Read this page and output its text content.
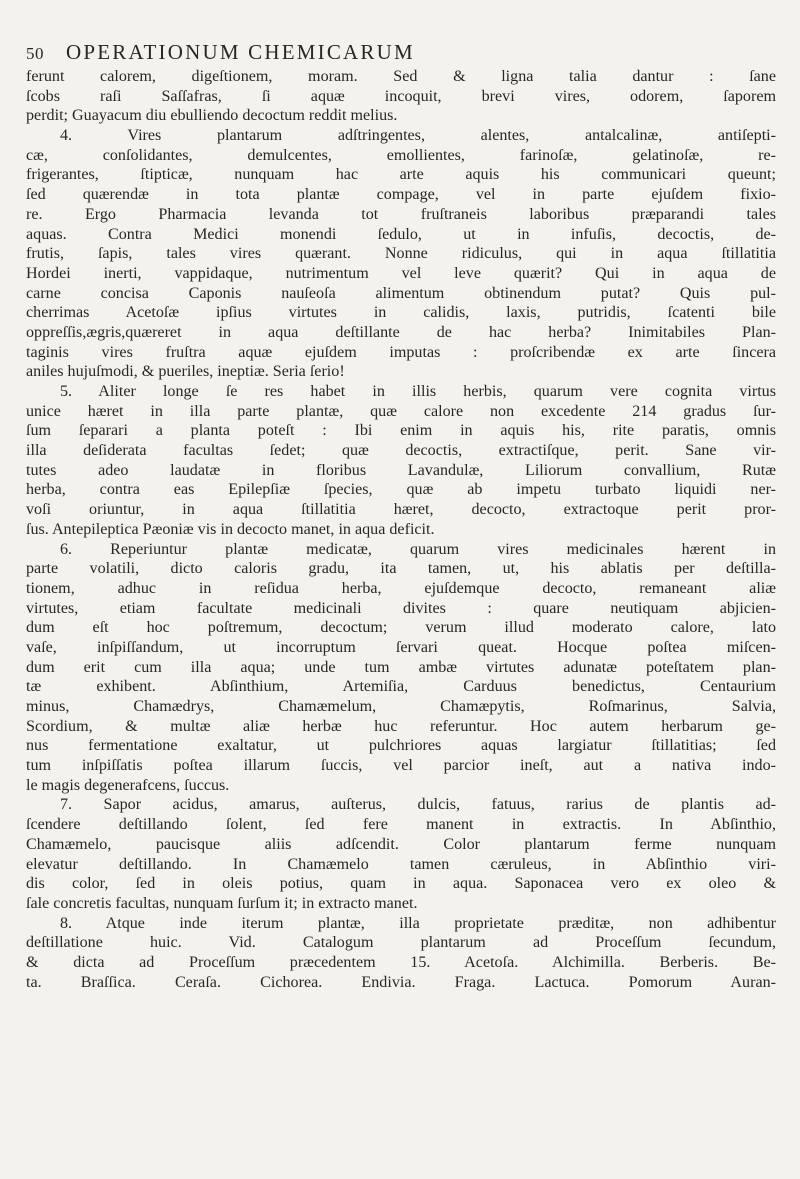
50 OPERATIONUM CHEMICARUM
ferunt calorem, digeſtionem, moram. Sed & ligna talia dantur : ſane
ſcobs raſi Saſſafras, ſi aquæ incoquit, brevi vires, odorem, ſaporem
perdit; Guayacum diu ebulliendo decoctum reddit melius.
4. Vires plantarum adſtringentes, alentes, antalcalinæ, antiſepti-
cæ, conſolidantes, demulcentes, emollientes, farinoſæ, gelatinoſæ, re-
frigerantes, ſtipticæ, nunquam hac arte aquis his communicari queunt;
ſed quærendæ in tota plantæ compage, vel in parte ejuſdem fixio-
re. Ergo Pharmacia levanda tot fruſtraneis laboribus præparandi tales
aquas. Contra Medici monendi ſedulo, ut in infuſis, decoctis, de-
frutis, ſapis, tales vires quærant. Nonne ridiculus, qui in aqua ſtillatitia
Hordei inerti, vappidaque, nutrimentum vel leve quærit? Qui in aqua de
carne concisa Caponis nauſeoſa alimentum obtinendum putat? Quis pul-
cherrimas Acetoſæ ipſius virtutes in calidis, laxis, putridis, ſcatenti bile
oppreſſis,ægris,quæreret in aqua deſtillante de hac herba? Inimitabiles Plan-
taginis vires fruſtra aquæ ejuſdem imputas : proſcribendæ ex arte ſincera
aniles hujuſmodi, & pueriles, ineptiæ. Seria ſerio!
5. Aliter longe ſe res habet in illis herbis, quarum vere cognita virtus
unice hæret in illa parte plantæ, quæ calore non excedente 214 gradus ſur-
ſum ſeparari a planta poteſt : Ibi enim in aquis his, rite paratis, omnis
illa deſiderata facultas ſedet; quæ decoctis, extractiſque, perit. Sane vir-
tutes adeo laudatæ in floribus Lavandulæ, Liliorum convallium, Rutæ
herba, contra eas Epilepſiæ ſpecies, quæ ab impetu turbato liquidi ner-
voſi oriuntur, in aqua ſtillatitia hæret, decocto, extractoque perit pror-
ſus. Antepileptica Pæoniæ vis in decocto manet, in aqua deficit.
6. Reperiuntur plantæ medicatæ, quarum vires medicinales hærent in
parte volatili, dicto caloris gradu, ita tamen, ut, his ablatis per deſtilla-
tionem, adhuc in reſidua herba, ejuſdemque decocto, remaneant aliæ
virtutes, etiam facultate medicinali divites : quare neutiquam abjicien-
dum eſt hoc poſtremum, decoctum; verum illud moderato calore, lato
vaſe, inſpiſſandum, ut incorruptum ſervari queat. Hocque poſtea miſcen-
dum erit cum illa aqua; unde tum ambæ virtutes adunatæ poteſtatem plan-
tæ exhibent. Abſinthium, Artemiſia, Carduus benedictus, Centaurium
minus, Chamædrys, Chamæmelum, Chamæpytis, Roſmarinus, Salvia,
Scordium, & multæ aliæ herbæ huc referuntur. Hoc autem herbarum ge-
nus fermentatione exaltatur, ut pulchriores aquas largiatur ſtillatitias; ſed
tum inſpiſſatis poſtea illarum ſuccis, vel parcior ineſt, aut a nativa indo-
le magis degenerafcens, ſuccus.
7. Sapor acidus, amarus, auſterus, dulcis, fatuus, rarius de plantis ad-
ſcendere deſtillando ſolent, ſed fere manent in extractis. In Abſinthio,
Chamæmelo, paucisque aliis adſcendit. Color plantarum ferme nunquam
elevatur deſtillando. In Chamæmelo tamen cæruleus, in Abſinthio viri-
dis color, ſed in oleis potius, quam in aqua. Saponacea vero ex oleo &
ſale concretis facultas, nunquam ſurſum it; in extracto manet.
8. Atque inde iterum plantæ, illa proprietate præditæ, non adhibentur
deſtillatione huic. Vid. Catalogum plantarum ad Proceſſum ſecundum,
& dicta ad Proceſſum præcedentem 15. Acetoſa. Alchimilla. Berberis. Be-
ta. Braſſica. Ceraſa. Cichorea. Endivia. Fraga. Lactuca. Pomorum Auran-
